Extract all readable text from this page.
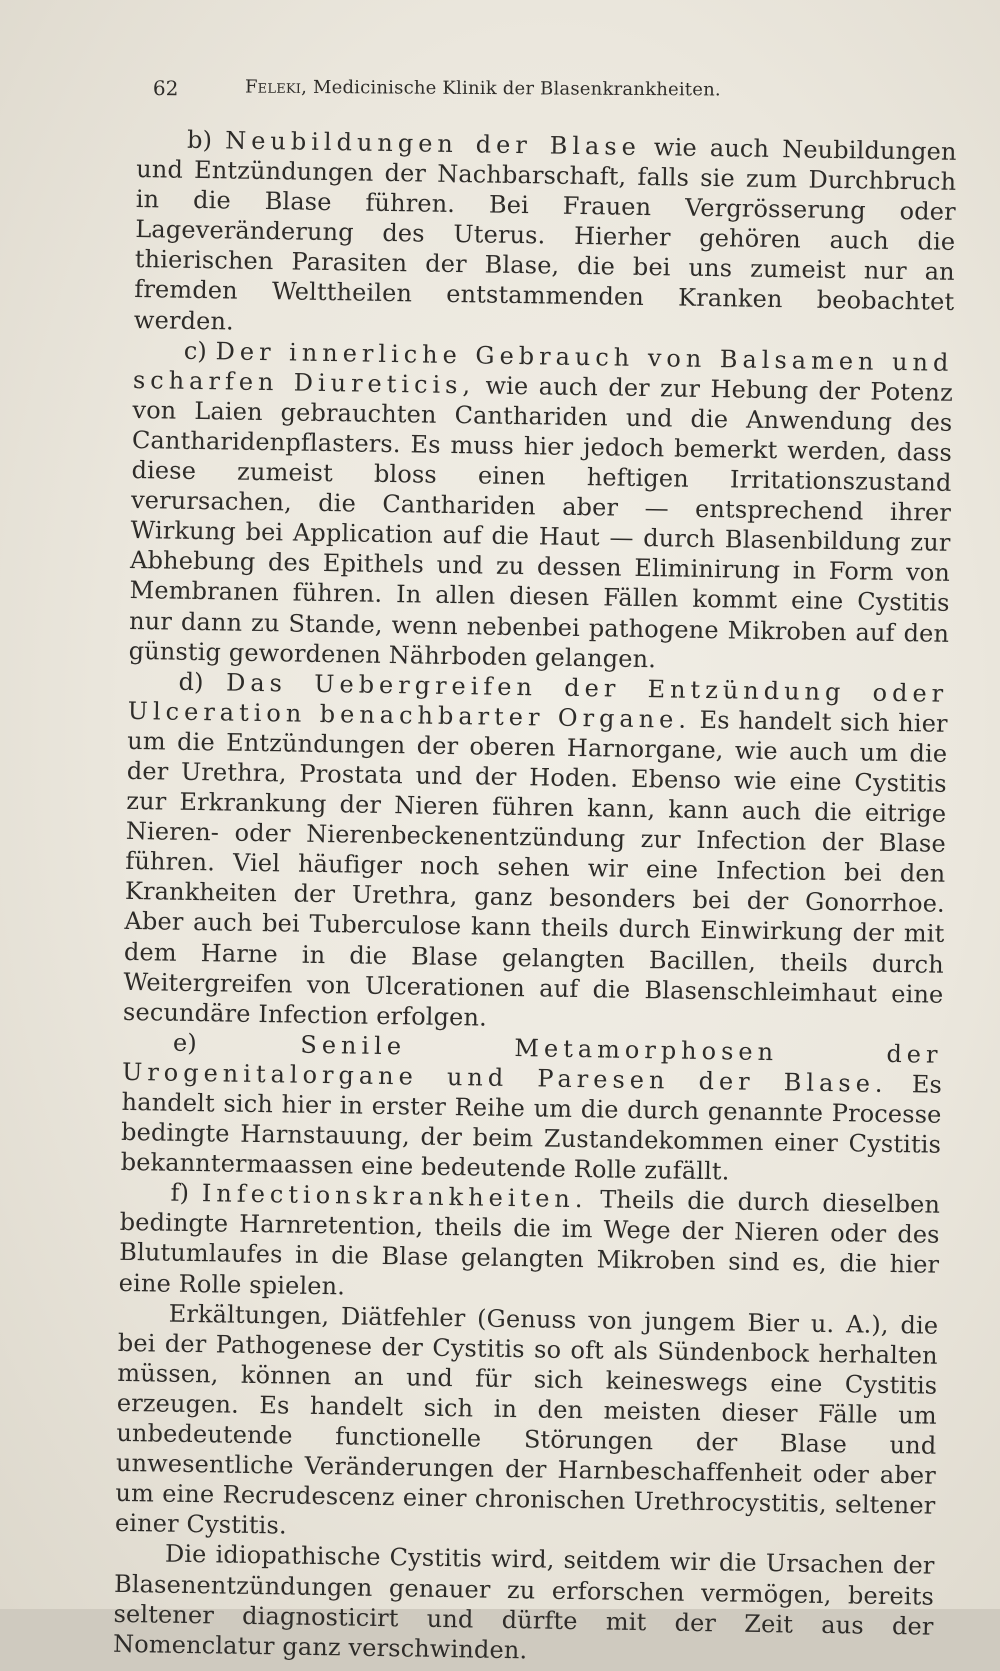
62	Feleki, Medicinische Klinik der Blasenkrankheiten.

b) Neubildungen der Blase wie auch Neubildungen und Entzündungen der Nachbarschaft, falls sie zum Durchbruch in die Blase führen. Bei Frauen Vergrösserung oder Lageveränderung des Uterus. Hierher gehören auch die thierischen Parasiten der Blase, die bei uns zumeist nur an fremden Welttheilen entstammenden Kranken beobachtet werden.

c) Der innerliche Gebrauch von Balsamen und scharfen Diureticis, wie auch der zur Hebung der Potenz von Laien gebrauchten Canthariden und die Anwendung des Cantharidenpflasters. Es muss hier jedoch bemerkt werden, dass diese zumeist bloss einen heftigen Irritationszustand verursachen, die Canthariden aber — entsprechend ihrer Wirkung bei Application auf die Haut — durch Blasenbildung zur Abhebung des Epithels und zu dessen Eliminirung in Form von Membranen führen. In allen diesen Fällen kommt eine Cystitis nur dann zu Stande, wenn nebenbei pathogene Mikroben auf den günstig gewordenen Nährboden gelangen.

d) Das Uebergreifen der Entzündung oder Ulceration benachbarter Organe. Es handelt sich hier um die Entzündungen der oberen Harnorgane, wie auch um die der Urethra, Prostata und der Hoden. Ebenso wie eine Cystitis zur Erkrankung der Nieren führen kann, kann auch die eitrige Nieren- oder Nierenbeckenentzündung zur Infection der Blase führen. Viel häufiger noch sehen wir eine Infection bei den Krankheiten der Urethra, ganz besonders bei der Gonorrhoe. Aber auch bei Tuberculose kann theils durch Einwirkung der mit dem Harne in die Blase gelangten Bacillen, theils durch Weitergreifen von Ulcerationen auf die Blasenschleimhaut eine secundäre Infection erfolgen.

e) Senile Metamorphosen der Urogenitalorgane und Paresen der Blase. Es handelt sich hier in erster Reihe um die durch genannte Processe bedingte Harnstauung, der beim Zustandekommen einer Cystitis bekanntermaassen eine bedeutende Rolle zufällt.

f) Infectionskrankheiten. Theils die durch dieselben bedingte Harnretention, theils die im Wege der Nieren oder des Blutumlaufes in die Blase gelangten Mikroben sind es, die hier eine Rolle spielen.

Erkältungen, Diätfehler (Genuss von jungem Bier u. A.), die bei der Pathogenese der Cystitis so oft als Sündenbock herhalten müssen, können an und für sich keineswegs eine Cystitis erzeugen. Es handelt sich in den meisten dieser Fälle um unbedeutende functionelle Störungen der Blase und unwesentliche Veränderungen der Harnbeschaffenheit oder aber um eine Recrudescenz einer chronischen Urethrocystitis, seltener einer Cystitis.

Die idiopathische Cystitis wird, seitdem wir die Ursachen der Blasenentzündungen genauer zu erforschen vermögen, bereits seltener diagnosticirt und dürfte mit der Zeit aus der Nomenclatur ganz verschwinden.
